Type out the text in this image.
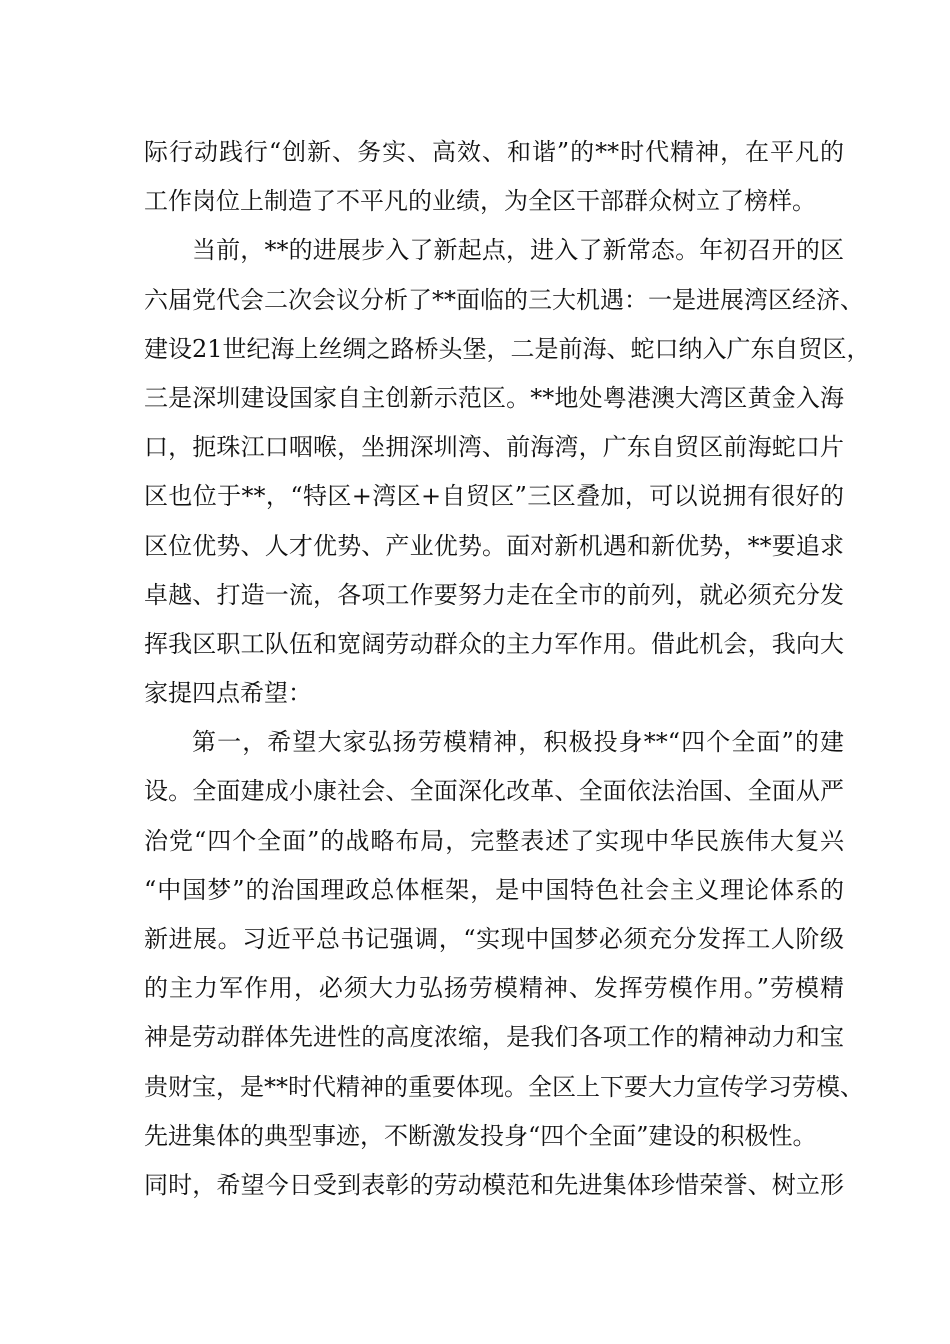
际行动践行“创新、务实、高效、和谐”的**时代精神，在平凡的
工作岗位上制造了不平凡的业绩，为全区干部群众树立了榜样。
当前，**的进展步入了新起点，进入了新常态。年初召开的区
六届党代会二次会议分析了**面临的三大机遇：一是进展湾区经济、
建设21世纪海上丝绸之路桥头堡，二是前海、蛇口纳入广东自贸区，
三是深圳建设国家自主创新示范区。**地处粤港澳大湾区黄金入海
口，扼珠江口咽喉，坐拥深圳湾、前海湾，广东自贸区前海蛇口片
区也位于**，“特区+湾区+自贸区”三区叠加，可以说拥有很好的
区位优势、人才优势、产业优势。面对新机遇和新优势，**要追求
卓越、打造一流，各项工作要努力走在全市的前列，就必须充分发
挥我区职工队伍和宽阔劳动群众的主力军作用。借此机会，我向大
家提四点希望：
第一，希望大家弘扬劳模精神，积极投身**“四个全面”的建
设。全面建成小康社会、全面深化改革、全面依法治国、全面从严
治党“四个全面”的战略布局，完整表述了实现中华民族伟大复兴
“中国梦”的治国理政总体框架，是中国特色社会主义理论体系的
新进展。习近平总书记强调，“实现中国梦必须充分发挥工人阶级
的主力军作用，必须大力弘扬劳模精神、发挥劳模作用。”劳模精
神是劳动群体先进性的高度浓缩，是我们各项工作的精神动力和宝
贵财宝，是**时代精神的重要体现。全区上下要大力宣传学习劳模、
先进集体的典型事迹，不断激发投身“四个全面”建设的积极性。
同时，希望今日受到表彰的劳动模范和先进集体珍惜荣誉、树立形
